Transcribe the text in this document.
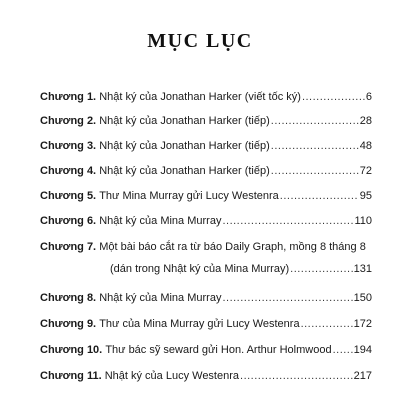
MỤC LỤC
Chương 1.
Nhật ký của Jonathan Harker (viết tốc ký) .....	6
Chương 2.
Nhật ký của Jonathan Harker (tiếp) .....	28
Chương 3.
Nhật ký của Jonathan Harker (tiếp) .....	48
Chương 4.
Nhật ký của Jonathan Harker (tiếp) .....	72
Chương 5.
Thư Mina Murray gửi Lucy Westenra .....	95
Chương 6.
Nhật ký của Mina Murray .....	110
Chương 7.
Một bài báo cắt ra từ báo Daily Graph, mồng 8 tháng 8
(dán trong Nhật ký của Mina Murray) .....	131
Chương 8.
Nhật ký của Mina Murray .....	150
Chương 9.
Thư của Mina Murray gửi Lucy Westenra .....	172
Chương 10.
Thư bác sỹ seward gửi Hon. Arthur Holmwood ..... 194
Chương 11.
Nhật ký của Lucy Westenra .....	217
